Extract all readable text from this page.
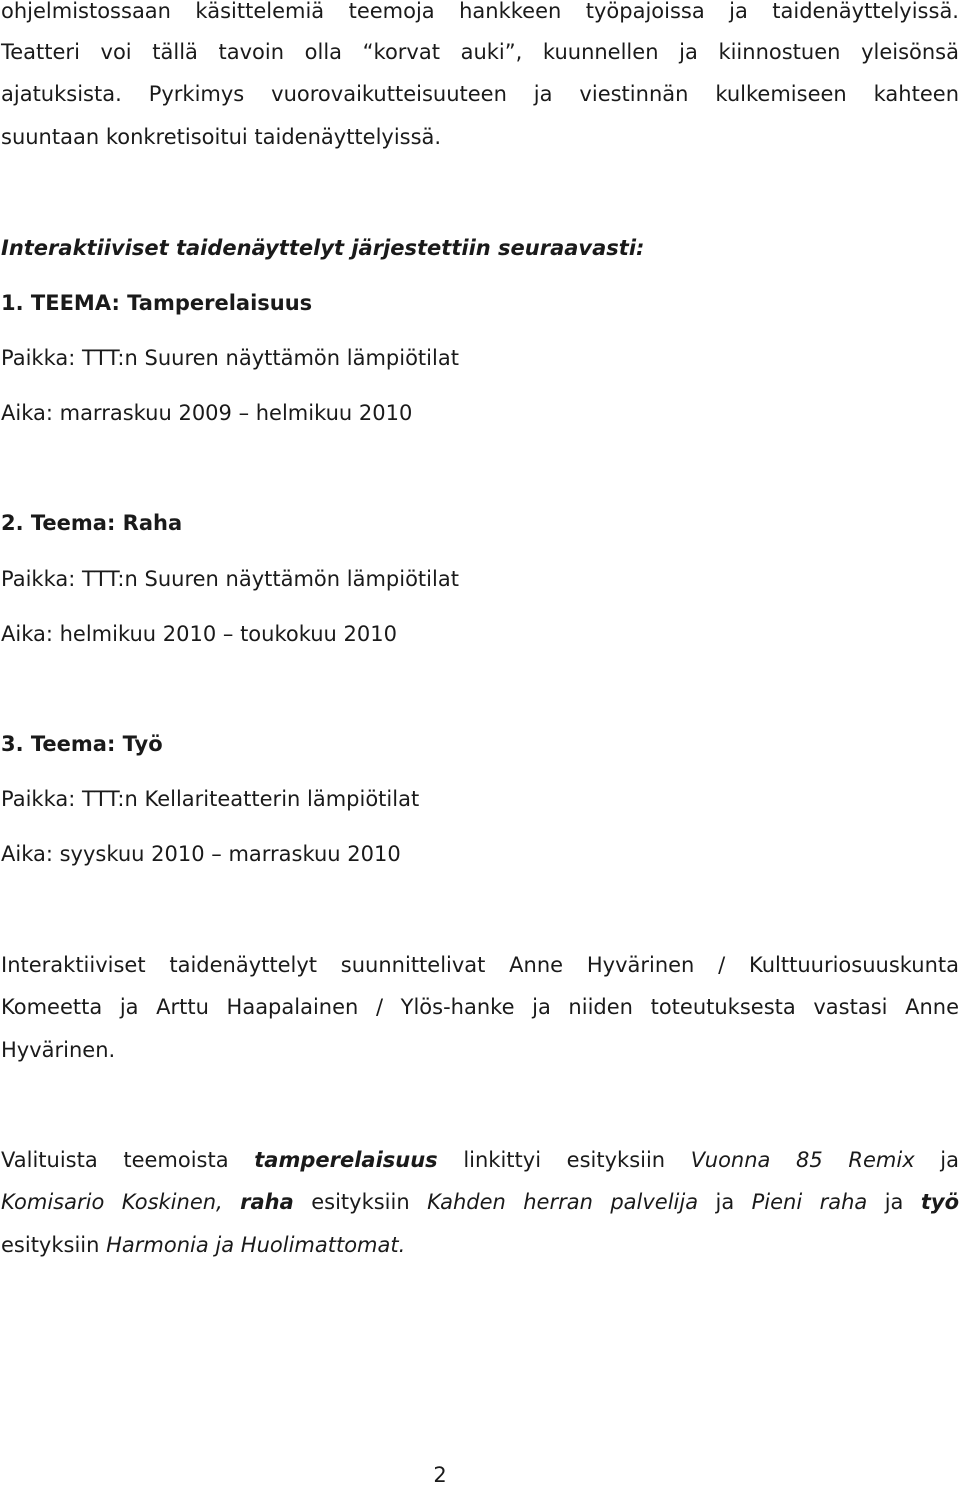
ohjelmistossaan käsittelemiä teemoja hankkeen työpajoissa ja taidenäyttelyissä.
Teatteri voi tällä tavoin olla “korvat auki”, kuunnellen ja kiinnostuen yleisönsä
ajatuksista. Pyrkimys vuorovaikutteisuuteen ja viestinnän kulkemiseen kahteen
suuntaan konkretisoitui taidenäyttelyissä.
Interaktiiviset taidenäyttelyt järjestettiin seuraavasti:
1. TEEMA: Tamperelaisuus
Paikka: TTT:n Suuren näyttämön lämpiötilat
Aika: marraskuu 2009 – helmikuu 2010
2. Teema: Raha
Paikka: TTT:n Suuren näyttämön lämpiötilat
Aika: helmikuu 2010 – toukokuu 2010
3. Teema: Työ
Paikka: TTT:n Kellariteatterin lämpiötilat
Aika: syyskuu 2010 – marraskuu 2010
Interaktiiviset taidenäyttelyt suunnittelivat Anne Hyvärinen / Kulttuuriosuuskunta
Komeetta ja Arttu Haapalainen / Ylös-hanke ja niiden toteutuksesta vastasi Anne
Hyvärinen.
Valituista teemoista tamperelaisuus linkittyi esityksiin Vuonna 85 Remix ja
Komisario Koskinen, raha esityksiin Kahden herran palvelija ja Pieni raha ja työ
esityksiin Harmonia ja Huolimattomat.
2
